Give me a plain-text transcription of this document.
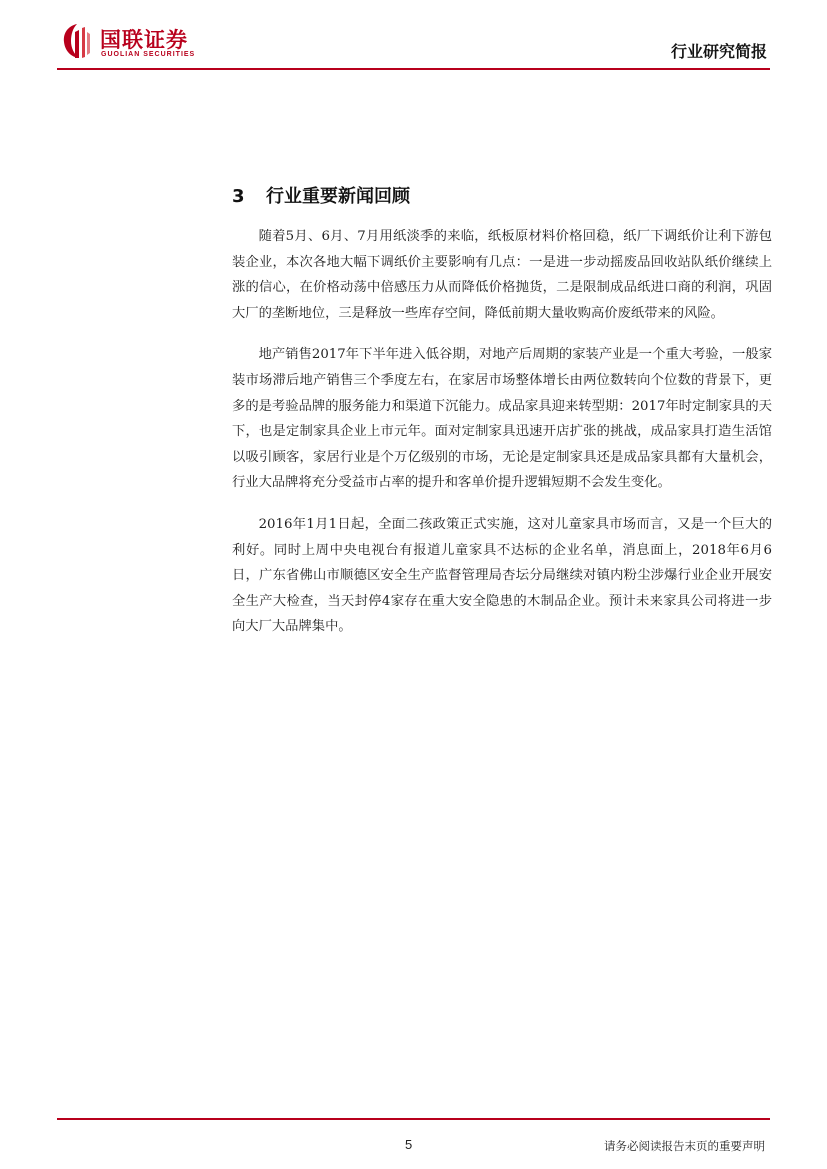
国联证券
GUOLIAN SECURITIES	行业研究简报
3 行业重要新闻回顾

随着5月、6月、7月用纸淡季的来临，纸板原材料价格回稳，纸厂下调纸价让利下游包装企业，本次各地大幅下调纸价主要影响有几点：一是进一步动摇废品回收站队纸价继续上涨的信心，在价格动荡中倍感压力从而降低价格抛货，二是限制成品纸进口商的利润，巩固大厂的垄断地位，三是释放一些库存空间，降低前期大量收购高价废纸带来的风险。

地产销售2017年下半年进入低谷期，对地产后周期的家装产业是一个重大考验，一般家装市场滞后地产销售三个季度左右，在家居市场整体增长由两位数转向个位数的背景下，更多的是考验品牌的服务能力和渠道下沉能力。成品家具迎来转型期：2017年时定制家具的天下，也是定制家具企业上市元年。面对定制家具迅速开店扩张的挑战，成品家具打造生活馆以吸引顾客，家居行业是个万亿级别的市场，无论是定制家具还是成品家具都有大量机会，行业大品牌将充分受益市占率的提升和客单价提升逻辑短期不会发生变化。

2016年1月1日起，全面二孩政策正式实施，这对儿童家具市场而言，又是一个巨大的利好。同时上周中央电视台有报道儿童家具不达标的企业名单，消息面上，2018年6月6日，广东省佛山市顺德区安全生产监督管理局杏坛分局继续对镇内粉尘涉爆行业企业开展安全生产大检查，当天封停4家存在重大安全隐患的木制品企业。预计未来家具公司将进一步向大厂大品牌集中。

5	请务必阅读报告末页的重要声明
